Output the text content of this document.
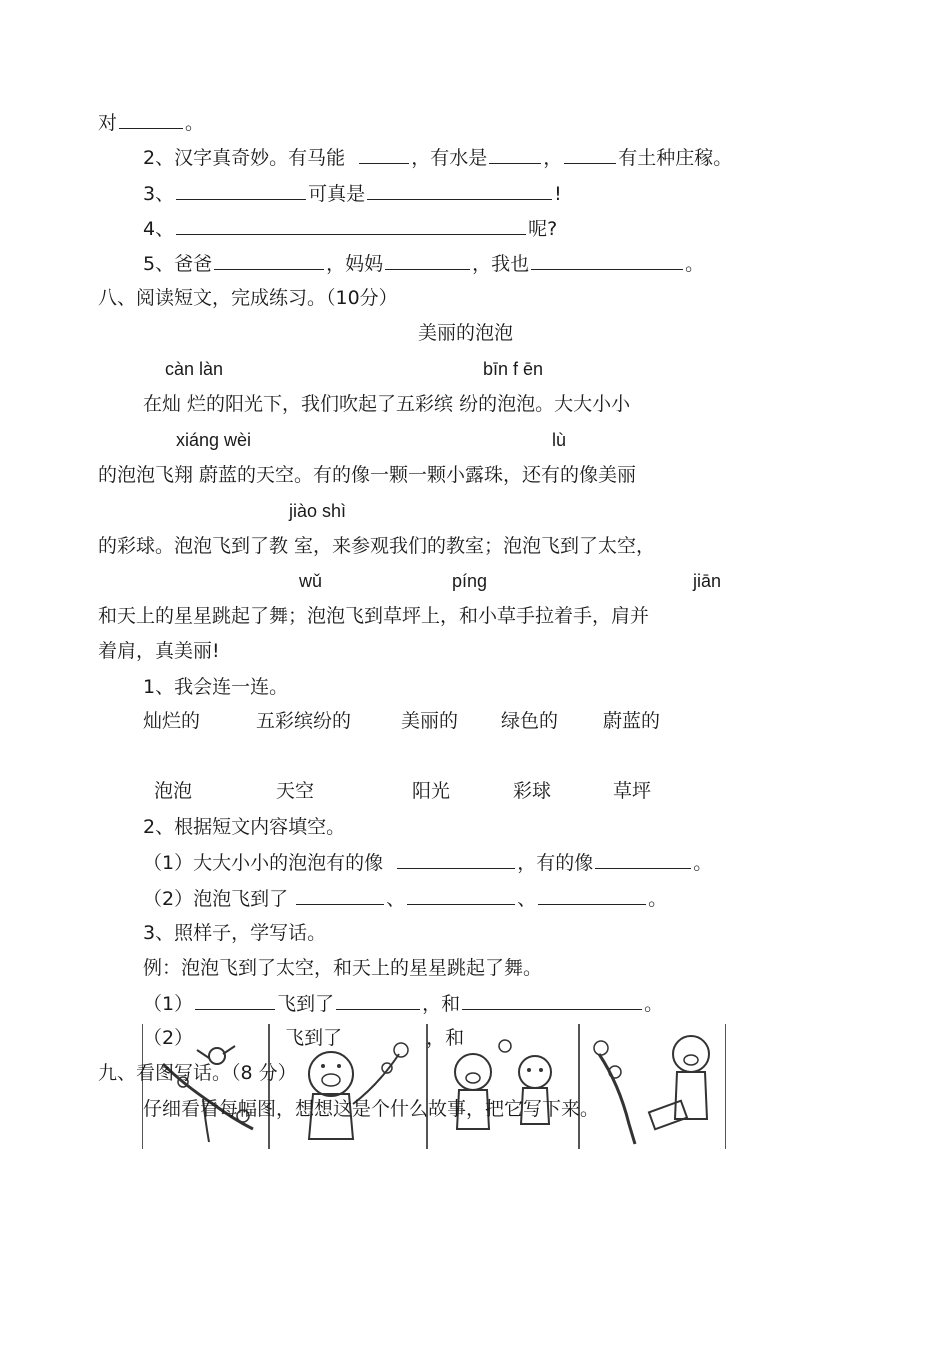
对	。
2、汉字真奇妙。有马能	，有水是	，	有土种庄稼。
3、	可真是	!
4、	呢?
5、爸爸	，妈妈	，我也	。
八、阅读短文，完成练习。（10分）
美丽的泡泡
càn làn	bīn f ēn
在灿 烂的阳光下，我们吹起了五彩缤 纷的泡泡。大大小小
xiáng wèi	lù
的泡泡飞翔 蔚蓝的天空。有的像一颗一颗小露珠，还有的像美丽
jiào shì
的彩球。泡泡飞到了教 室，来参观我们的教室；泡泡飞到了太空，
wǔ	píng	jiān
和天上的星星跳起了舞；泡泡飞到草坪上，和小草手拉着手，肩并
着肩，真美丽!
1、我会连一连。
灿烂的	五彩缤纷的	美丽的 绿色的 蔚蓝的
泡泡	天空	阳光	彩球	草坪
2、根据短文内容填空。
（1）大大小小的泡泡有的像	，有的像	。
（2）泡泡飞到了	、	、	。
3、照样子，学写话。
例：泡泡飞到了太空，和天上的星星跳起了舞。
（1）	飞到了	，和	。
（2）	飞到了	，和
九、看图写话。（8 分）
仔细看看每幅图，想想这是个什么故事，把它写下来。
